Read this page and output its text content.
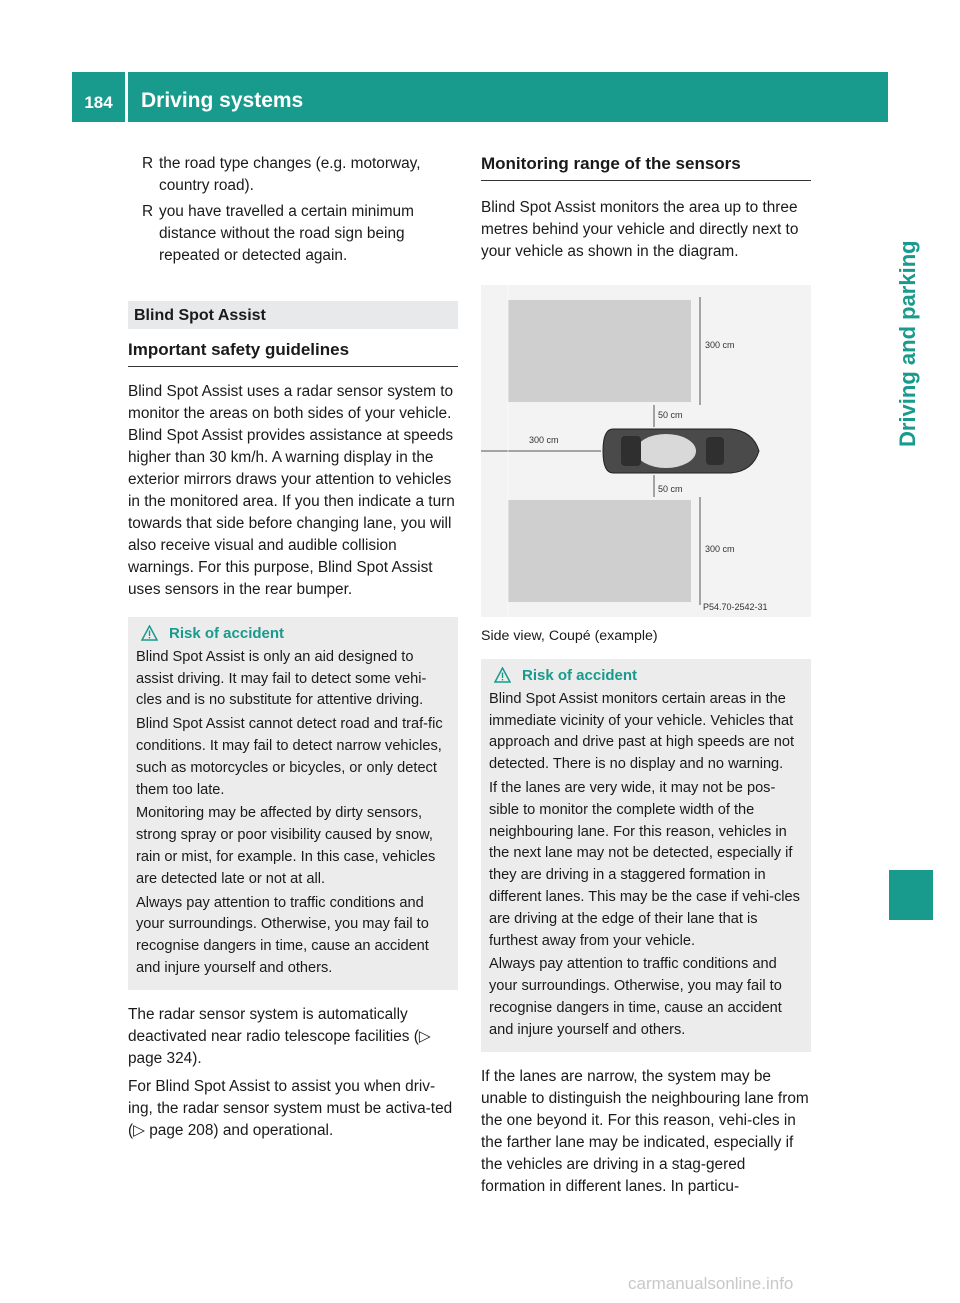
184	Driving systems
Driving and parking
R the road type changes (e.g. motorway, country road).
R you have travelled a certain minimum distance without the road sign being repeated or detected again.
Blind Spot Assist
Important safety guidelines

Blind Spot Assist uses a radar sensor system to monitor the areas on both sides of your vehicle. Blind Spot Assist provides assistance at speeds higher than 30 km/h. A warning display in the exterior mirrors draws your attention to vehicles in the monitored area. If you then indicate a turn towards that side before changing lane, you will also receive visual and audible collision warnings. For this purpose, Blind Spot Assist uses sensors in the rear bumper.

Risk of accident

Blind Spot Assist is only an aid designed to assist driving. It may fail to detect some vehi-cles and is no substitute for attentive driving.

Blind Spot Assist cannot detect road and traf-fic conditions. It may fail to detect narrow vehicles, such as motorcycles or bicycles, or only detect them too late.

Monitoring may be affected by dirty sensors, strong spray or poor visibility caused by snow, rain or mist, for example. In this case, vehicles are detected late or not at all.

Always pay attention to traffic conditions and your surroundings. Otherwise, you may fail to recognise dangers in time, cause an accident and injure yourself and others.

The radar sensor system is automatically deactivated near radio telescope facilities (▷ page 324).

For Blind Spot Assist to assist you when driv-ing, the radar sensor system must be activa-ted (▷ page 208) and operational.

Monitoring range of the sensors

Blind Spot Assist monitors the area up to three metres behind your vehicle and directly next to your vehicle as shown in the diagram.

300 cm
50 cm
300 cm
50 cm
300 cm
P54.70-2542-31
Side view, Coupé (example)
Risk of accident

Blind Spot Assist monitors certain areas in the immediate vicinity of your vehicle. Vehicles that approach and drive past at high speeds are not detected. There is no display and no warning.

If the lanes are very wide, it may not be pos-sible to monitor the complete width of the neighbouring lane. For this reason, vehicles in the next lane may not be detected, especially if they are driving in a staggered formation in different lanes. This may be the case if vehi-cles are driving at the edge of their lane that is furthest away from your vehicle.

Always pay attention to traffic conditions and your surroundings. Otherwise, you may fail to recognise dangers in time, cause an accident and injure yourself and others.

If the lanes are narrow, the system may be unable to distinguish the neighbouring lane from the one beyond it. For this reason, vehi-cles in the farther lane may be indicated, especially if the vehicles are driving in a stag-gered formation in different lanes. In particu-

carmanualsonline.info
